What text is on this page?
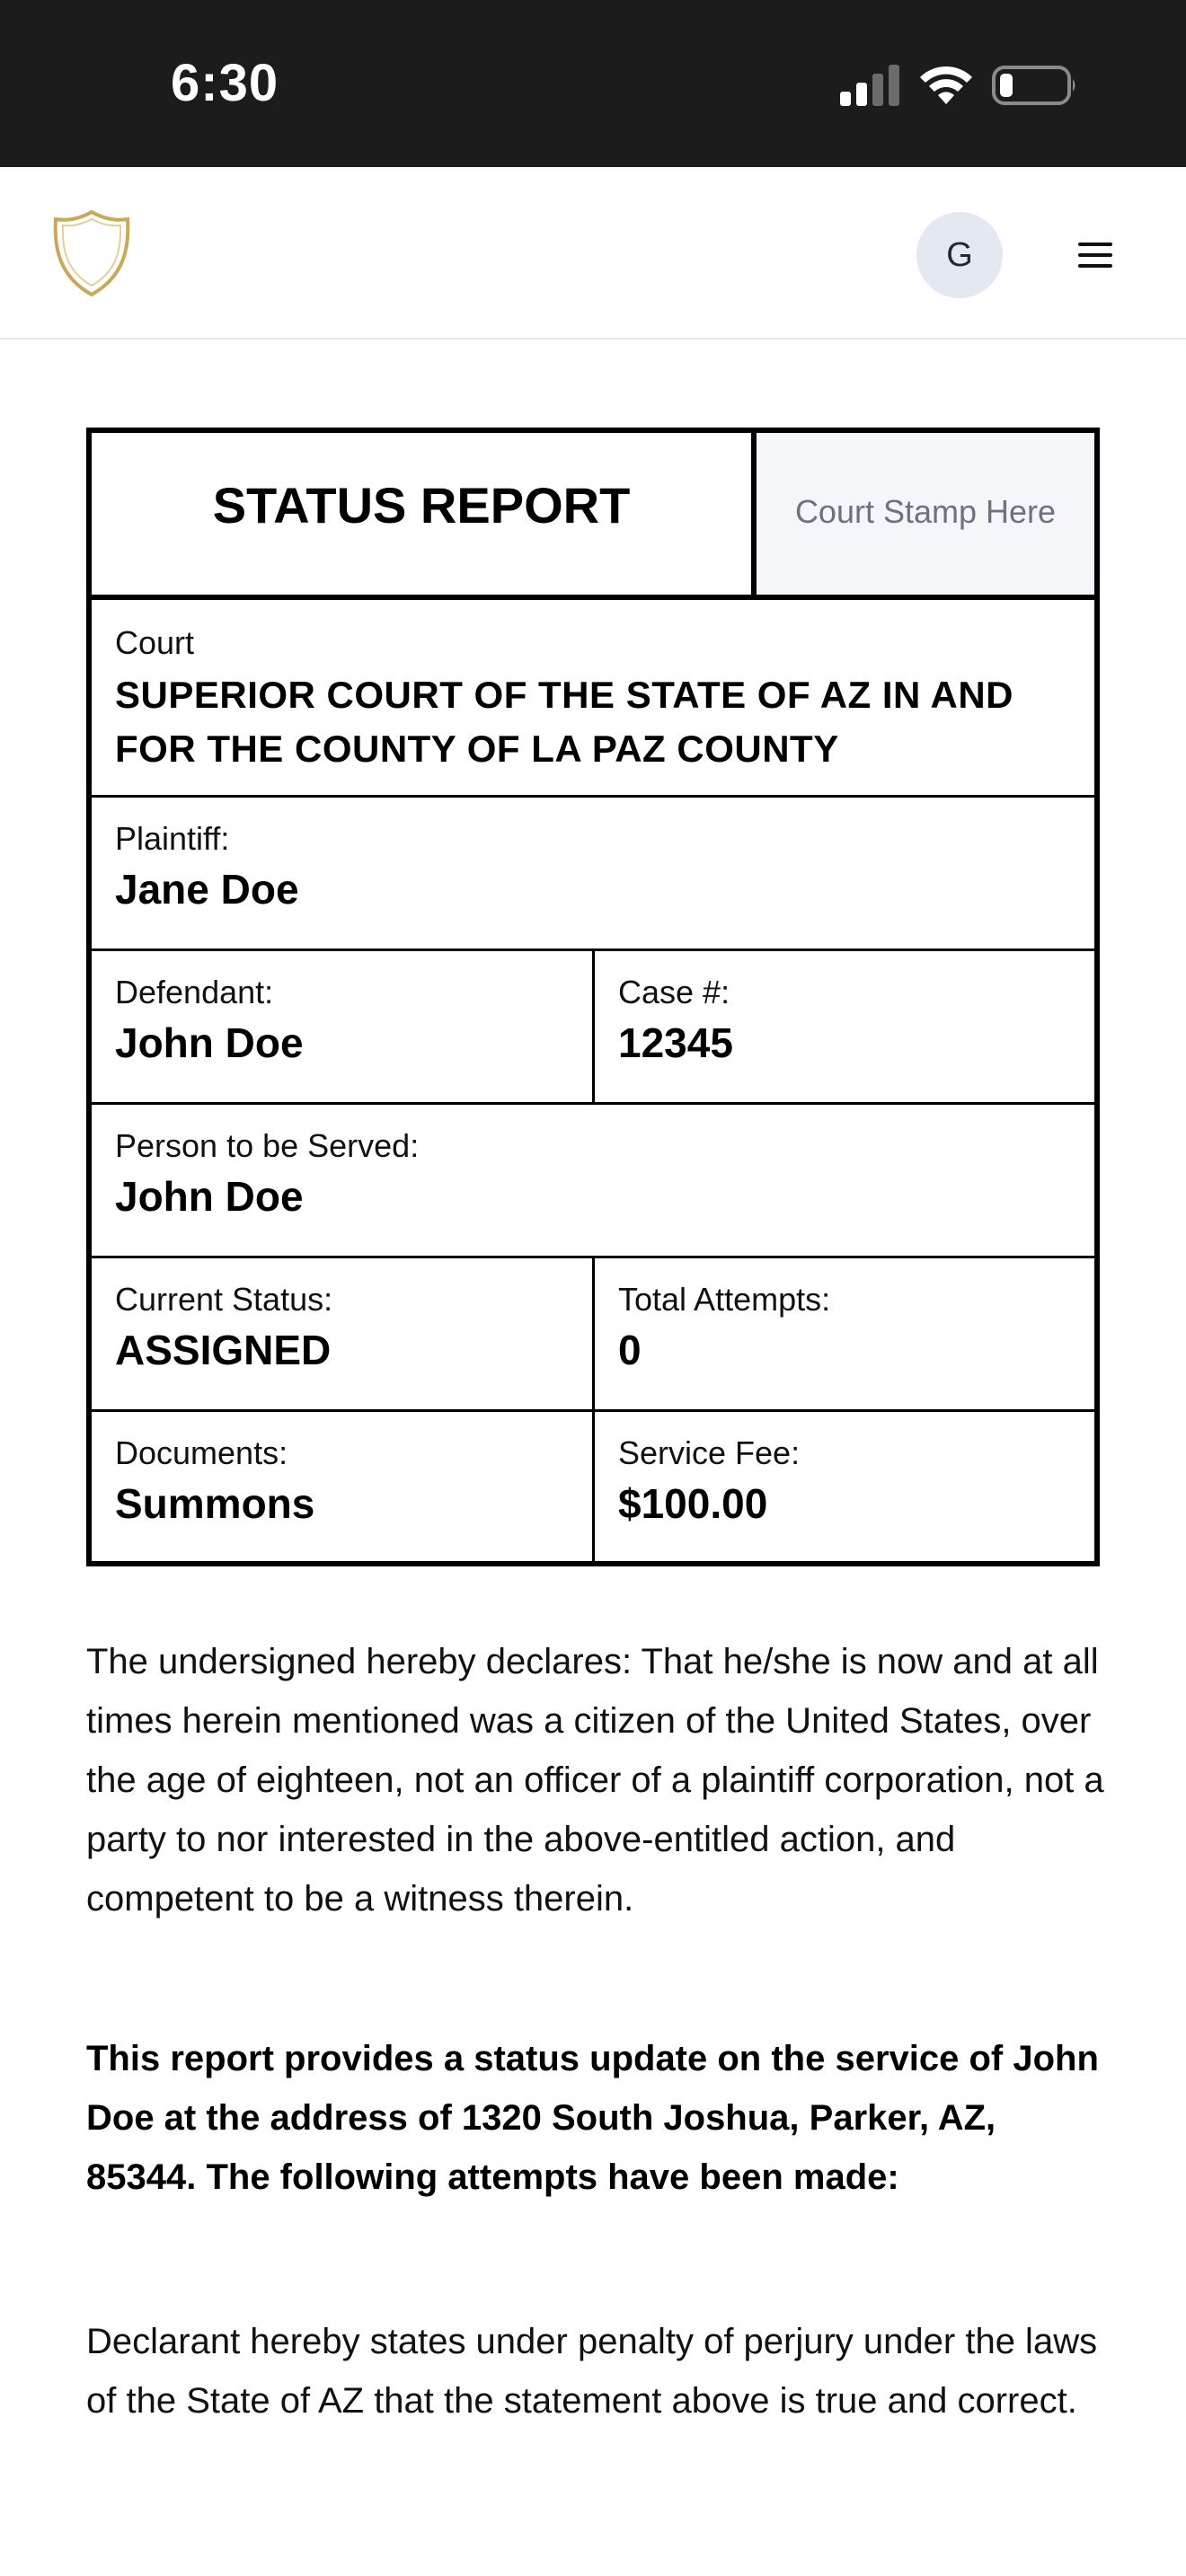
6:30
G
STATUS REPORT	Court Stamp Here
Court
SUPERIOR COURT OF THE STATE OF AZ IN AND FOR THE COUNTY OF LA PAZ COUNTY
Plaintiff:
Jane Doe
Defendant:
John Doe
Case #:
12345
Person to be Served:
John Doe
Current Status:
ASSIGNED
Total Attempts:
0
Documents:
Summons
Service Fee:
$100.00

The undersigned hereby declares: That he/she is now and at all times herein mentioned was a citizen of the United States, over the age of eighteen, not an officer of a plaintiff corporation, not a party to nor interested in the above-entitled action, and competent to be a witness therein.

This report provides a status update on the service of John Doe at the address of 1320 South Joshua, Parker, AZ, 85344. The following attempts have been made:

Declarant hereby states under penalty of perjury under the laws of the State of AZ that the statement above is true and correct.
